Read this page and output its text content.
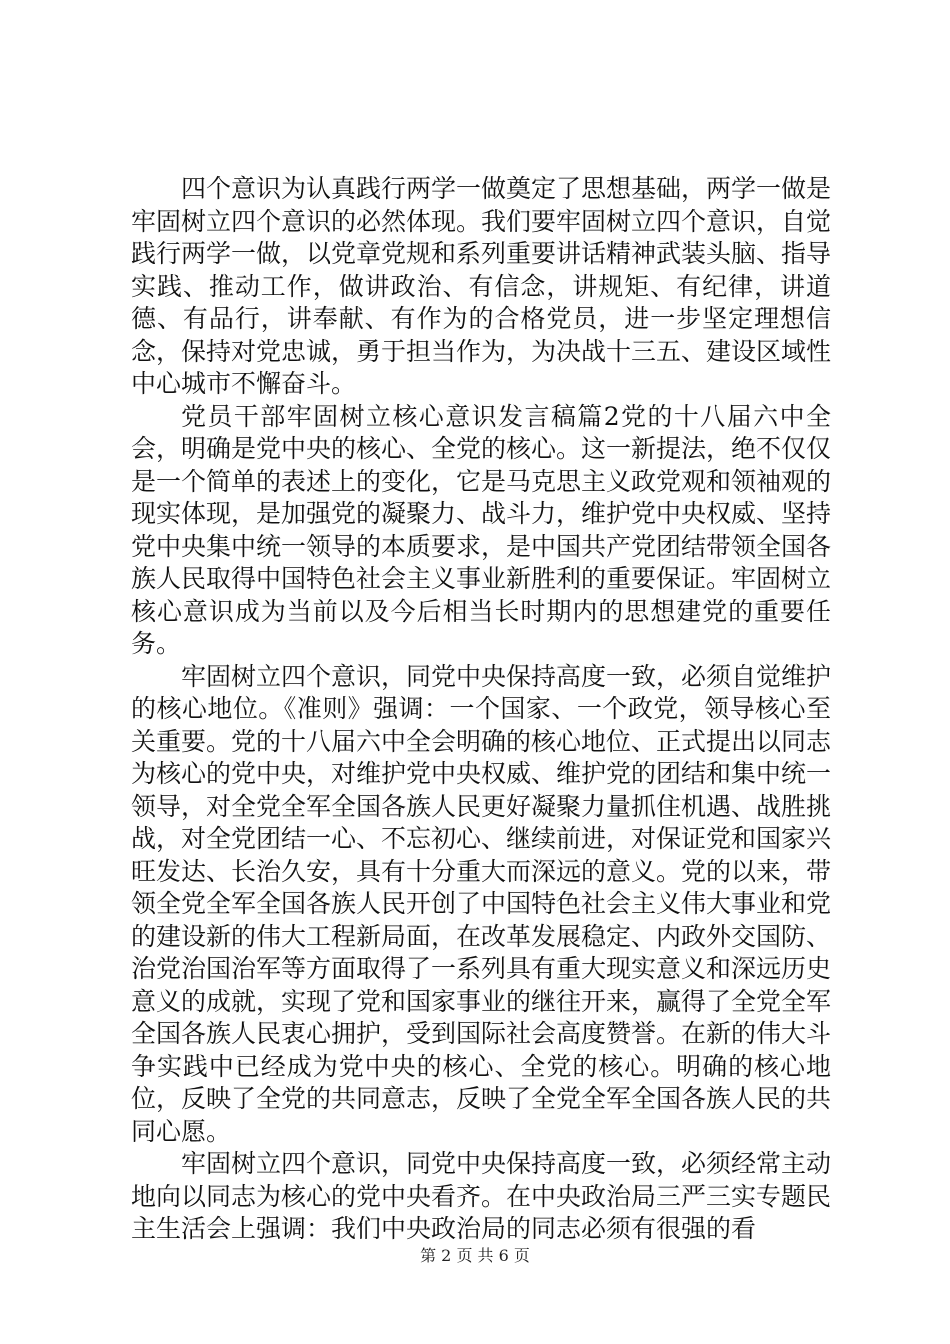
四个意识为认真践行两学一做奠定了思想基础，两学一做是牢固树立四个意识的必然体现。我们要牢固树立四个意识，自觉践行两学一做，以党章党规和系列重要讲话精神武装头脑、指导实践、推动工作，做讲政治、有信念，讲规矩、有纪律，讲道德、有品行，讲奉献、有作为的合格党员，进一步坚定理想信念，保持对党忠诚，勇于担当作为，为决战十三五、建设区域性中心城市不懈奋斗。

党员干部牢固树立核心意识发言稿篇2党的十八届六中全会，明确是党中央的核心、全党的核心。这一新提法，绝不仅仅是一个简单的表述上的变化，它是马克思主义政党观和领袖观的现实体现，是加强党的凝聚力、战斗力，维护党中央权威、坚持党中央集中统一领导的本质要求，是中国共产党团结带领全国各族人民取得中国特色社会主义事业新胜利的重要保证。牢固树立核心意识成为当前以及今后相当长时期内的思想建党的重要任务。

牢固树立四个意识，同党中央保持高度一致，必须自觉维护的核心地位。《准则》强调：一个国家、一个政党，领导核心至关重要。党的十八届六中全会明确的核心地位、正式提出以同志为核心的党中央，对维护党中央权威、维护党的团结和集中统一领导，对全党全军全国各族人民更好凝聚力量抓住机遇、战胜挑战，对全党团结一心、不忘初心、继续前进，对保证党和国家兴旺发达、长治久安，具有十分重大而深远的意义。党的以来，带领全党全军全国各族人民开创了中国特色社会主义伟大事业和党的建设新的伟大工程新局面，在改革发展稳定、内政外交国防、治党治国治军等方面取得了一系列具有重大现实意义和深远历史意义的成就，实现了党和国家事业的继往开来，赢得了全党全军全国各族人民衷心拥护，受到国际社会高度赞誉。在新的伟大斗争实践中已经成为党中央的核心、全党的核心。明确的核心地位，反映了全党的共同意志，反映了全党全军全国各族人民的共同心愿。

牢固树立四个意识，同党中央保持高度一致，必须经常主动地向以同志为核心的党中央看齐。在中央政治局三严三实专题民主生活会上强调：我们中央政治局的同志必须有很强的看

第 2 页 共 6 页
